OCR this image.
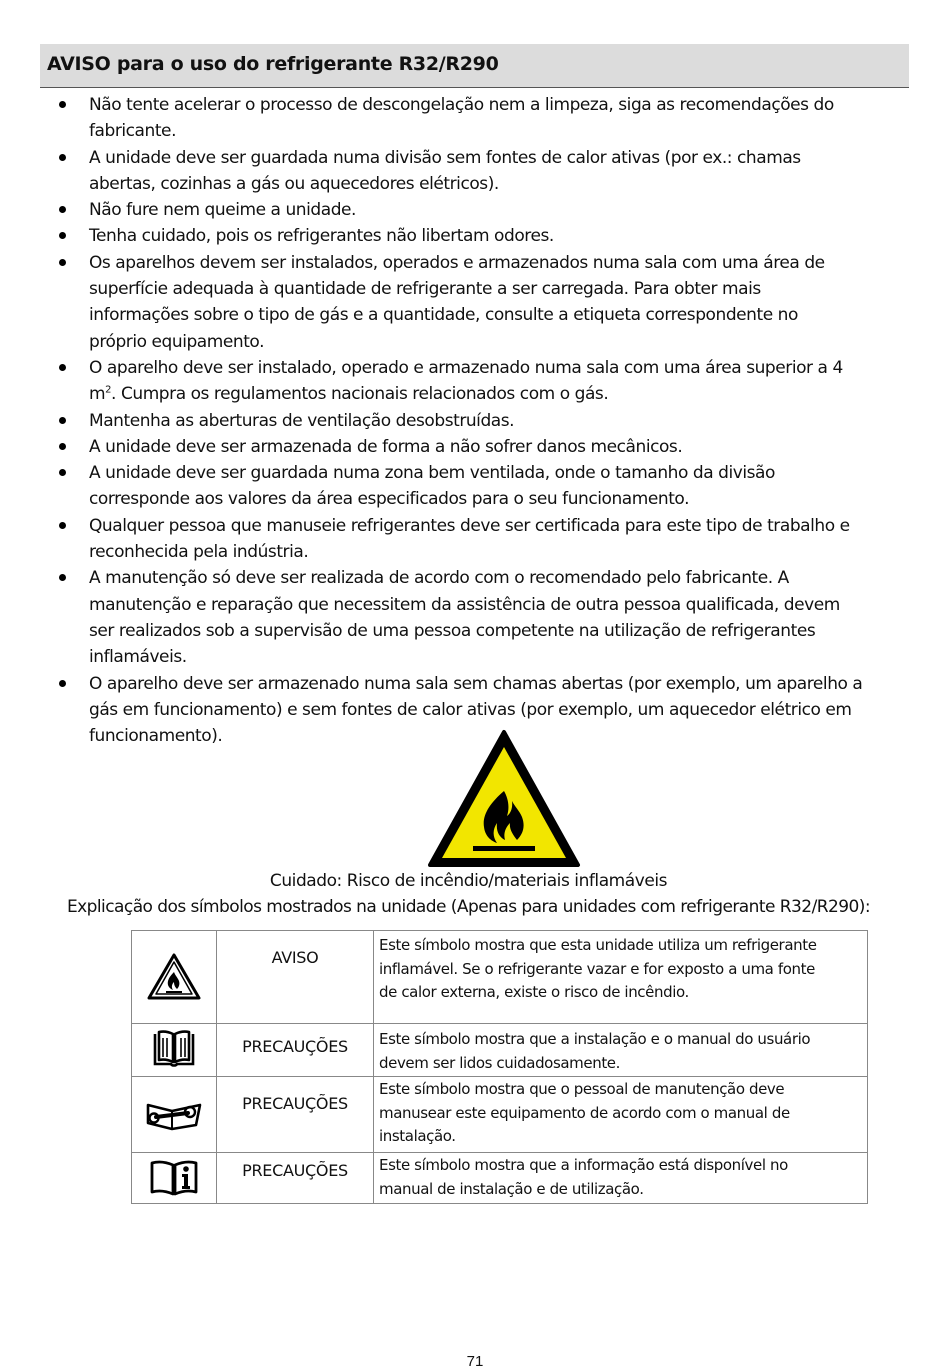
AVISO para o uso do refrigerante R32/R290
Não tente acelerar o processo de descongelação nem a limpeza, siga as recomendações do
fabricante.
A unidade deve ser guardada numa divisão sem fontes de calor ativas (por ex.: chamas
abertas, cozinhas a gás ou aquecedores elétricos).
Não fure nem queime a unidade.
Tenha cuidado, pois os refrigerantes não libertam odores.
Os aparelhos devem ser instalados, operados e armazenados numa sala com uma área de
superfície adequada à quantidade de refrigerante a ser carregada. Para obter mais
informações sobre o tipo de gás e a quantidade, consulte a etiqueta correspondente no
próprio equipamento.
O aparelho deve ser instalado, operado e armazenado numa sala com uma área superior a 4
$m^2$. Cumpra os regulamentos nacionais relacionados com o gás.
Mantenha as aberturas de ventilação desobstruídas.
A unidade deve ser armazenada de forma a não sofrer danos mecânicos.
A unidade deve ser guardada numa zona bem ventilada, onde o tamanho da divisão
corresponde aos valores da área especificados para o seu funcionamento.
Qualquer pessoa que manuseie refrigerantes deve ser certificada para este tipo de trabalho e
reconhecida pela indústria.
A manutenção só deve ser realizada de acordo com o recomendado pelo fabricante. A
manutenção e reparação que necessitem da assistência de outra pessoa qualificada, devem
ser realizados sob a supervisão de uma pessoa competente na utilização de refrigerantes
inflamáveis.
O aparelho deve ser armazenado numa sala sem chamas abertas (por exemplo, um aparelho a
gás em funcionamento) e sem fontes de calor ativas (por exemplo, um aquecedor elétrico em
funcionamento).
Cuidado: Risco de incêndio/materiais inflamáveis
Explicação dos símbolos mostrados na unidade (Apenas para unidades com refrigerante R32/R290):
	AVISO	Este símbolo mostra que esta unidade utiliza um refrigerante
inflamável. Se o refrigerante vazar e for exposto a uma fonte
de calor externa, existe o risco de incêndio.

	PRECAUÇÕES	Este símbolo mostra que a instalação e o manual do usuário
devem ser lidos cuidadosamente.

	PRECAUÇÕES	Este símbolo mostra que o pessoal de manutenção deve
manusear este equipamento de acordo com o manual de
instalação.

	PRECAUÇÕES	Este símbolo mostra que a informação está disponível no
manual de instalação e de utilização.
71
